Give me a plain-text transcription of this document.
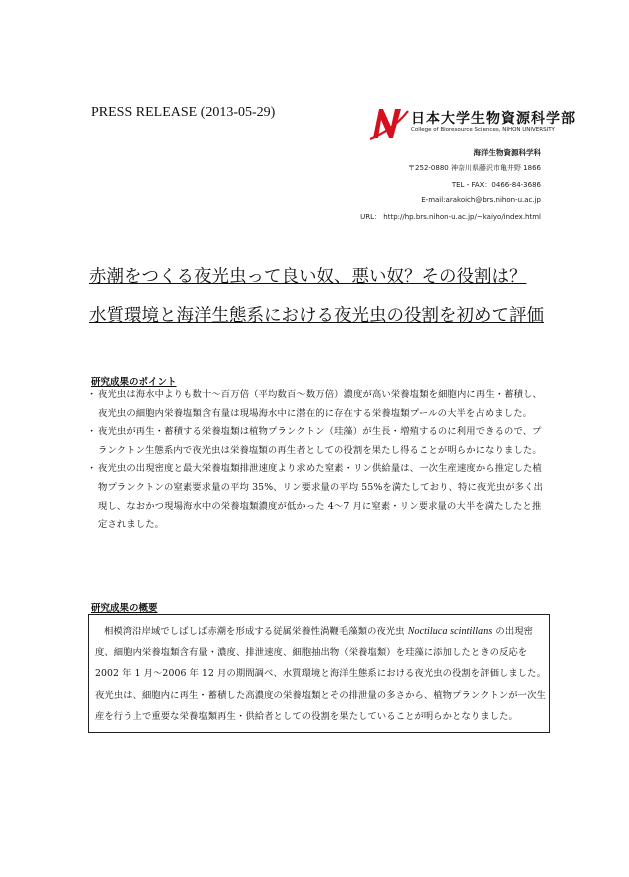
PRESS RELEASE (2013-05-29)	日本大学生物資源科学部
College of Bioresource Sciences, NIHON UNIVERSITY
海洋生物資源科学科
〒252-0880 神奈川県藤沢市亀井野 1866
TEL・FAX：0466-84-3686
E-mail:arakoich@brs.nihon-u.ac.jp
URL： http://hp.brs.nihon-u.ac.jp/~kaiyo/index.html
赤潮をつくる夜光虫って良い奴、悪い奴？その役割は？
水質環境と海洋生態系における夜光虫の役割を初めて評価
研究成果のポイント
・ 夜光虫は海水中よりも数十～百万倍（平均数百～数万倍）濃度が高い栄養塩類を細胞内に再生・蓄積し、夜光虫の細胞内栄養塩類含有量は現場海水中に潜在的に存在する栄養塩類プールの大半を占めました。
・ 夜光虫が再生・蓄積する栄養塩類は植物プランクトン（珪藻）が生長・増殖するのに利用できるので、プランクトン生態系内で夜光虫は栄養塩類の再生者としての役割を果たし得ることが明らかになりました。
・ 夜光虫の出現密度と最大栄養塩類排泄速度より求めた窒素・リン供給量は、一次生産速度から推定した植物プランクトンの窒素要求量の平均 35%、リン要求量の平均 55%を満たしており、特に夜光虫が多く出現し、なおかつ現場海水中の栄養塩類濃度が低かった 4～7 月に窒素・リン要求量の大半を満たしたと推定されました。
研究成果の概要
相模湾沿岸域でしばしば赤潮を形成する従属栄養性渦鞭毛藻類の夜光虫 Noctiluca scintillans の出現密度、細胞内栄養塩類含有量・濃度、排泄速度、細胞抽出物（栄養塩類）を珪藻に添加したときの反応を 2002 年 1 月～2006 年 12 月の期間調べ、水質環境と海洋生態系における夜光虫の役割を評価しました。夜光虫は、細胞内に再生・蓄積した高濃度の栄養塩類とその排泄量の多さから、植物プランクトンが一次生産を行う上で重要な栄養塩類再生・供給者としての役割を果たしていることが明らかとなりました。
